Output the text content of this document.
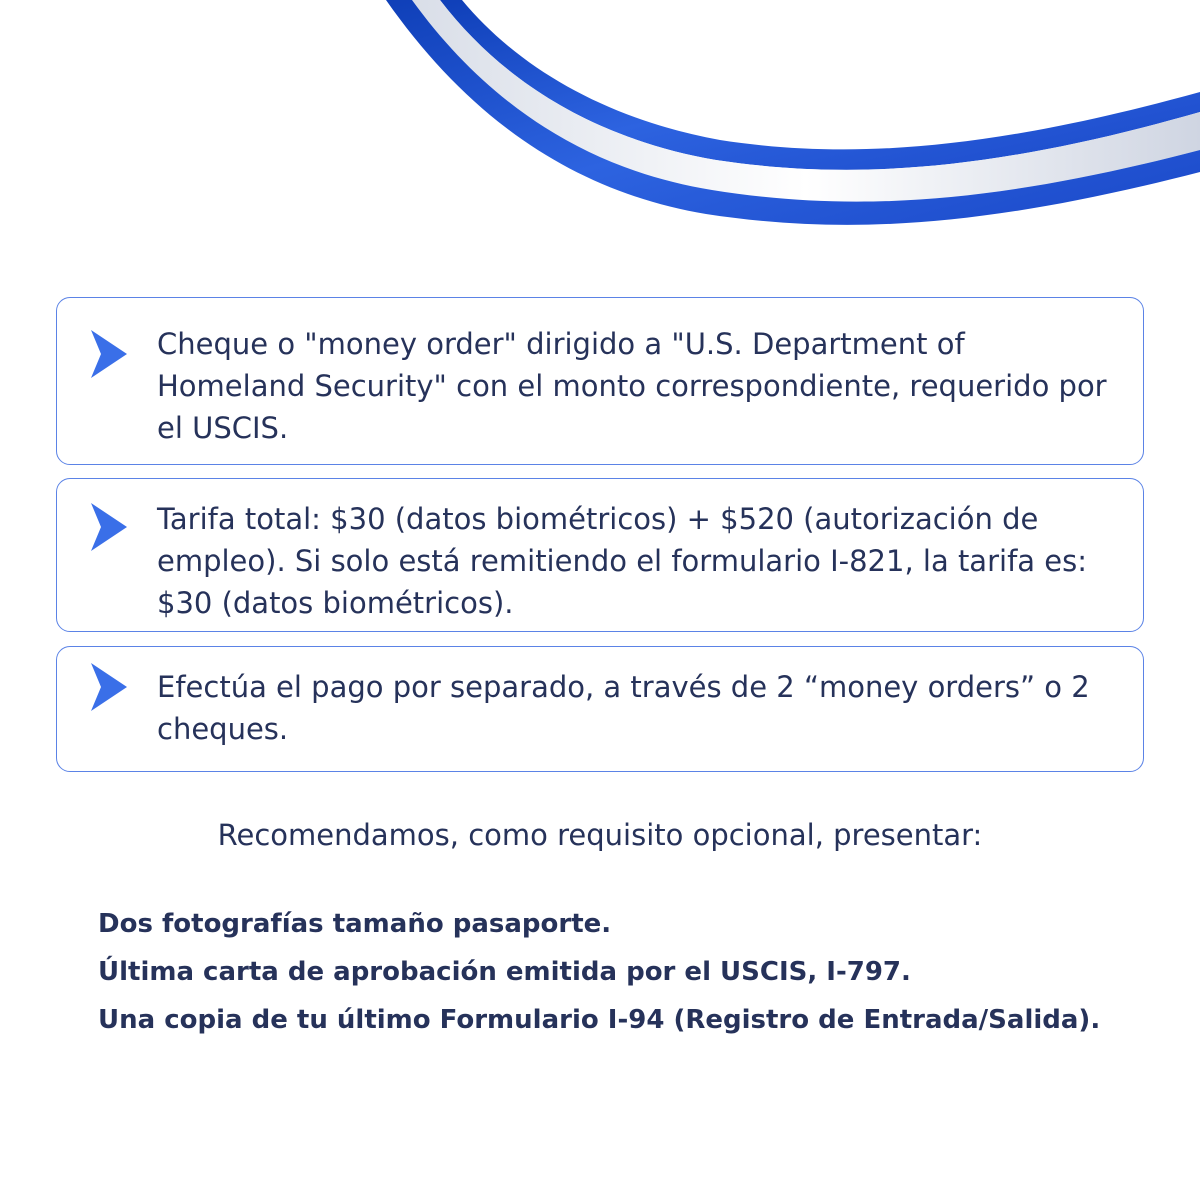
Cheque o "money order" dirigido a "U.S. Department of Homeland Security" con el monto correspondiente, requerido por el USCIS.
Tarifa total: $30 (datos biométricos) + $520 (autorización de empleo). Si solo está remitiendo el formulario I-821, la tarifa es: $30 (datos biométricos).
Efectúa el pago por separado, a través de 2 “money orders” o 2 cheques.
Recomendamos, como requisito opcional, presentar:
Dos fotografías tamaño pasaporte.
Última carta de aprobación emitida por el USCIS, I-797.
Una copia de tu último Formulario I-94 (Registro de Entrada/Salida).
